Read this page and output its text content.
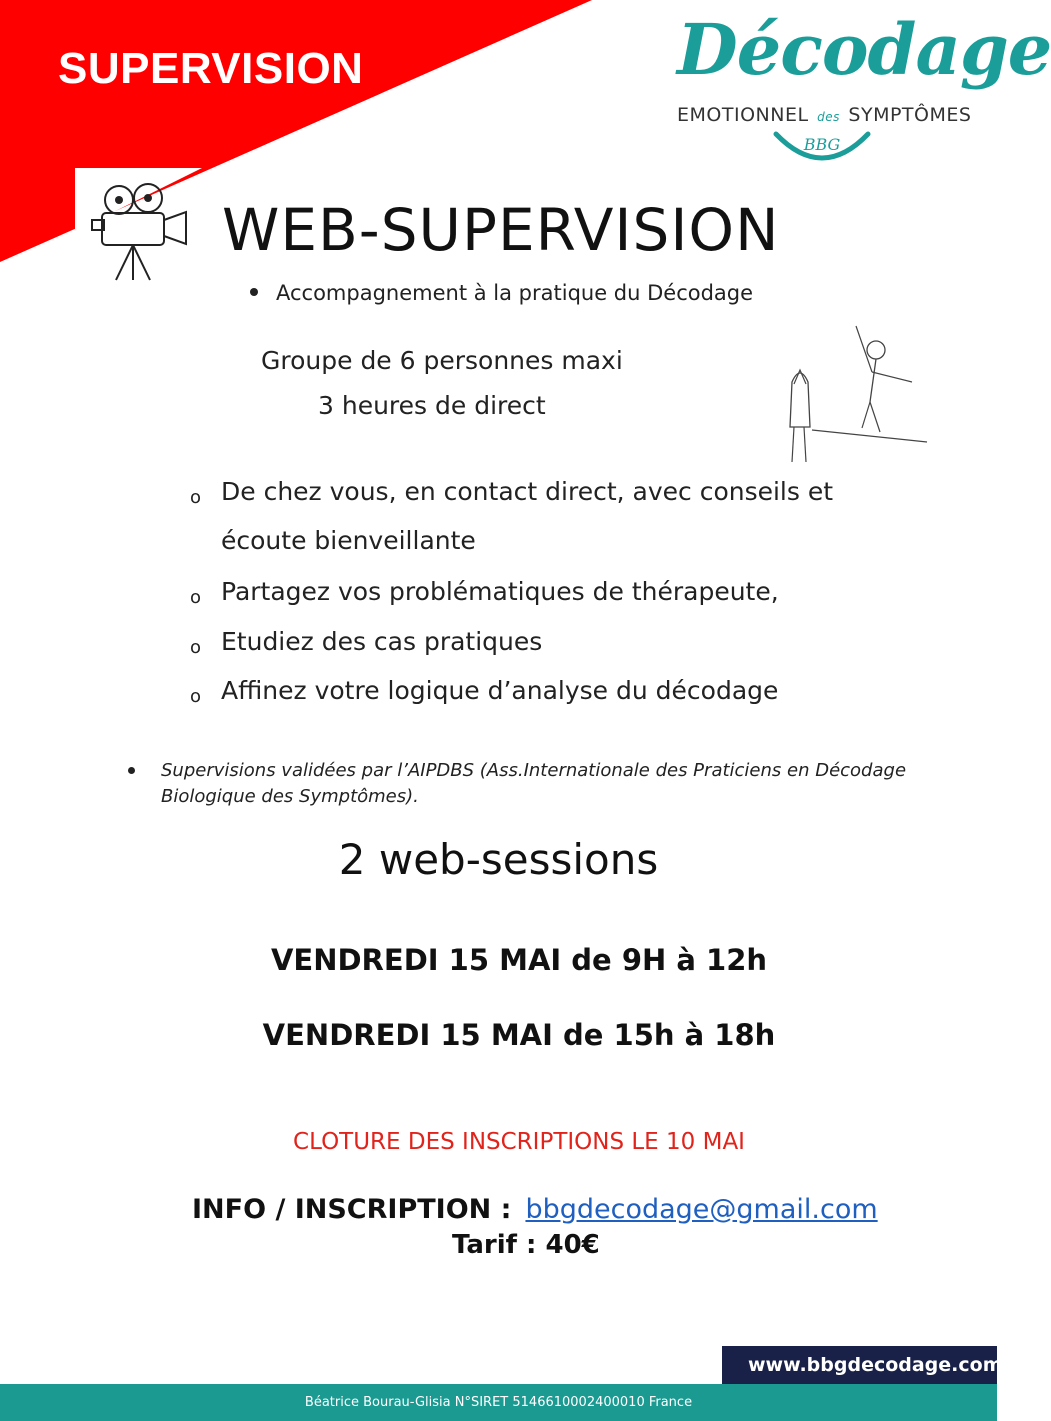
SUPERVISION	Décodage
EMOTIONNEL des SYMPTÔMES
BBG
WEB-SUPERVISION
Accompagnement à la pratique du Décodage
Groupe de 6 personnes maxi
3 heures de direct
o De chez vous, en contact direct, avec conseils et écoute bienveillante
o Partagez vos problématiques de thérapeute,
o Etudiez des cas pratiques
o Affinez votre logique d’analyse du décodage
Supervisions validées par l’AIPDBS (Ass.Internationale des Praticiens en Décodage Biologique des Symptômes).
2 web-sessions
VENDREDI 15 MAI de 9H à 12h
VENDREDI 15 MAI de 15h à 18h
CLOTURE DES INSCRIPTIONS LE 10 MAI
INFO / INSCRIPTION : bbgdecodage@gmail.com
Tarif : 40€
www.bbgdecodage.com
Béatrice Bourau-Glisia N°SIRET 5146610002400010 France
